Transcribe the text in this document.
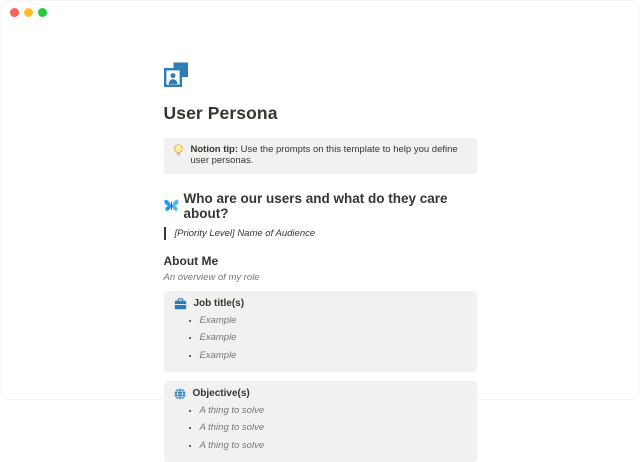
User Persona
Notion tip: Use the prompts on this template to help you define user personas.
Who are our users and what do they care about?
[Priority Level] Name of Audience
About Me
An overview of my role
Job title(s)
• Example
• Example
• Example
Objective(s)
• A thing to solve
• A thing to solve
• A thing to solve
